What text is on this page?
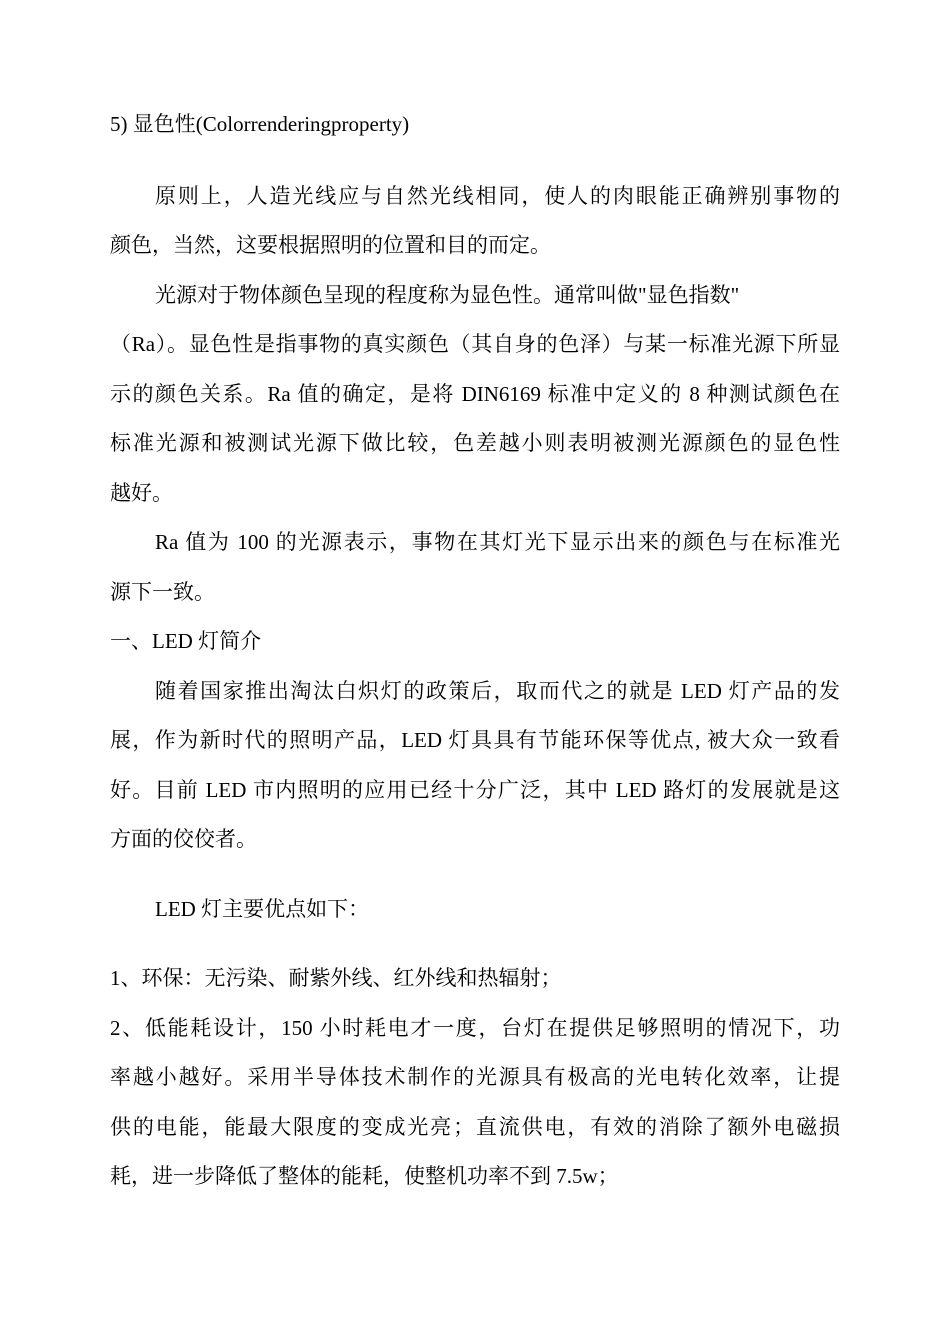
5) 显色性(Colorrenderingproperty)
原则上，人造光线应与自然光线相同，使人的肉眼能正确辨别事物的
颜色，当然，这要根据照明的位置和目的而定。
光源对于物体颜色呈现的程度称为显色性。通常叫做"显色指数"
（Ra）。显色性是指事物的真实颜色（其自身的色泽）与某一标准光源下所显
示的颜色关系。Ra 值的确定，是将 DIN6169 标准中定义的 8 种测试颜色在
标准光源和被测试光源下做比较，色差越小则表明被测光源颜色的显色性
越好。
Ra 值为 100 的光源表示，事物在其灯光下显示出来的颜色与在标准光
源下一致。
一、LED 灯简介
随着国家推出淘汰白炽灯的政策后，取而代之的就是 LED 灯产品的发
展，作为新时代的照明产品，LED 灯具具有节能环保等优点, 被大众一致看
好。目前 LED 市内照明的应用已经十分广泛，其中 LED 路灯的发展就是这
方面的佼佼者。
LED 灯主要优点如下：
1、环保：无污染、耐紫外线、红外线和热辐射；
2、低能耗设计，150 小时耗电才一度，台灯在提供足够照明的情况下，功
率越小越好。采用半导体技术制作的光源具有极高的光电转化效率，让提
供的电能，能最大限度的变成光亮；直流供电，有效的消除了额外电磁损
耗，进一步降低了整体的能耗，使整机功率不到 7.5w；
